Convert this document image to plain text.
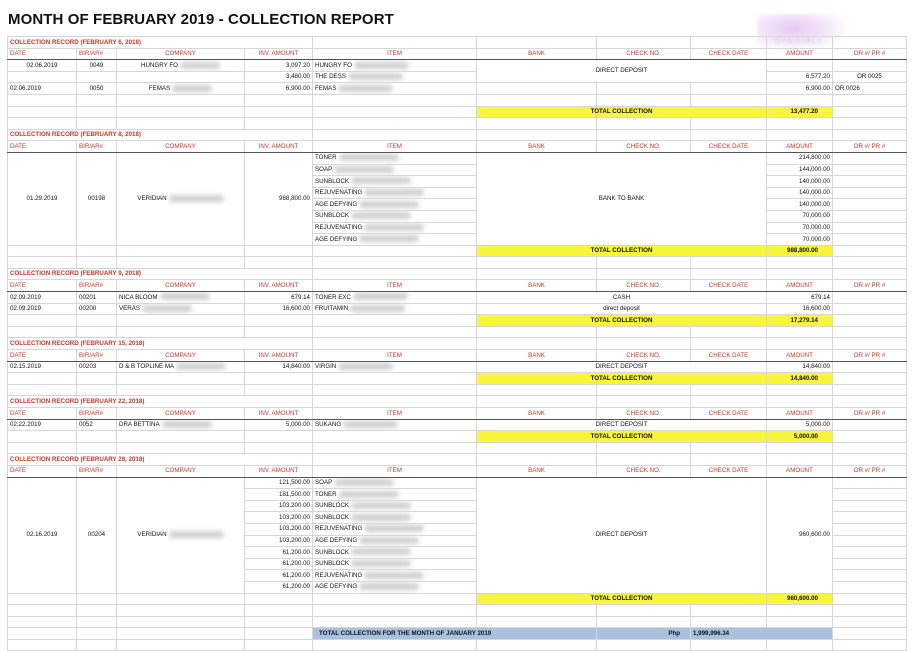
MONTH OF FEBRUARY 2019 - COLLECTION REPORT
SPECIALI
COLLECTION RECORD (FEBRUARY 6, 2018)									
DATE	BIR/AR#	COMPANY	INV. AMOUNT	ITEM	BANK	CHECK NO.	CHECK DATE	AMOUNT	OR #/ PR #
02.06.2019	0049	HUNGRY FO	3,097.20	HUNGRY FO	DIRECT DEPOSIT				
			3,480.00	THE DESS				6,577.20	OR 0025
02.06.2019	0050	FEMAS	6,900.00	FEMAS				6,900.00	OR 0026

					TOTAL COLLECTION			13,477.20	

COLLECTION RECORD (FEBRUARY 8, 2018)									
DATE	BIR/AR#	COMPANY	INV. AMOUNT	ITEM	BANK	CHECK NO.	CHECK DATE	AMOUNT	OR #/ PR #
01.29.2019	00198	VERIDIAN	988,800.00	TONER	BANK TO BANK			214,800.00	
				SOAP				144,000.00	
				SUNBLOCK				140,000.00	
				REJUVENATING				140,000.00	
				AGE DEFYING				140,000.00	
				SUNBLOCK				70,000.00	
				REJUVENATING				70,000.00	
				AGE DEFYING				70,000.00	
					TOTAL COLLECTION			988,800.00	

COLLECTION RECORD (FEBRUARY 9, 2018)									
DATE	BIR/AR#	COMPANY	INV. AMOUNT	ITEM	BANK	CHECK NO.	CHECK DATE	AMOUNT	OR #/ PR #
02.09.2019	00201	NICA BLOOM	679.14	TONER EXC	CASH			679.14	
02.09.2019	00200	VERAS	16,600.00	FRUITAMIN	direct deposit			16,600.00	
					TOTAL COLLECTION			17,279.14	

COLLECTION RECORD (FEBRUARY 15, 2018)									
DATE	BIR/AR#	COMPANY	INV. AMOUNT	ITEM	BANK	CHECK NO.	CHECK DATE	AMOUNT	OR #/ PR #
02.15.2019	00203	D & B TOPLINE MA	14,840.00	VIRGIN	DIRECT DEPOSIT			14,840.00	
					TOTAL COLLECTION			14,840.00	

COLLECTION RECORD (FEBRUARY 22, 2018)									
DATE	BIR/AR#	COMPANY	INV. AMOUNT	ITEM	BANK	CHECK NO.	CHECK DATE	AMOUNT	OR #/ PR #
02.22.2019	0052	DRA BETTINA	5,000.00	SUKANG	DIRECT DEPOSIT			5,000.00	
					TOTAL COLLECTION			5,000.00	

COLLECTION RECORD (FEBRUARY 28, 2018)									
DATE	BIR/AR#	COMPANY	INV. AMOUNT	ITEM	BANK	CHECK NO.	CHECK DATE	AMOUNT	OR #/ PR #
02.16.2019	00204	VERIDIAN	121,500.00	SOAP	DIRECT DEPOSIT			960,600.00	
			181,500.00	TONER					
			103,200.00	SUNBLOCK					
			103,200.00	SUNBLOCK					
			103,200.00	REJUVENATING					
			103,200.00	AGE DEFYING					
			61,200.00	SUNBLOCK					
			61,200.00	SUNBLOCK					
			61,200.00	REJUVENATING					
			61,200.00	AGE DEFYING					
					TOTAL COLLECTION			960,600.00	

				TOTAL COLLECTION FOR THE MONTH OF JANUARY 2019		Php	1,999,996.34		
